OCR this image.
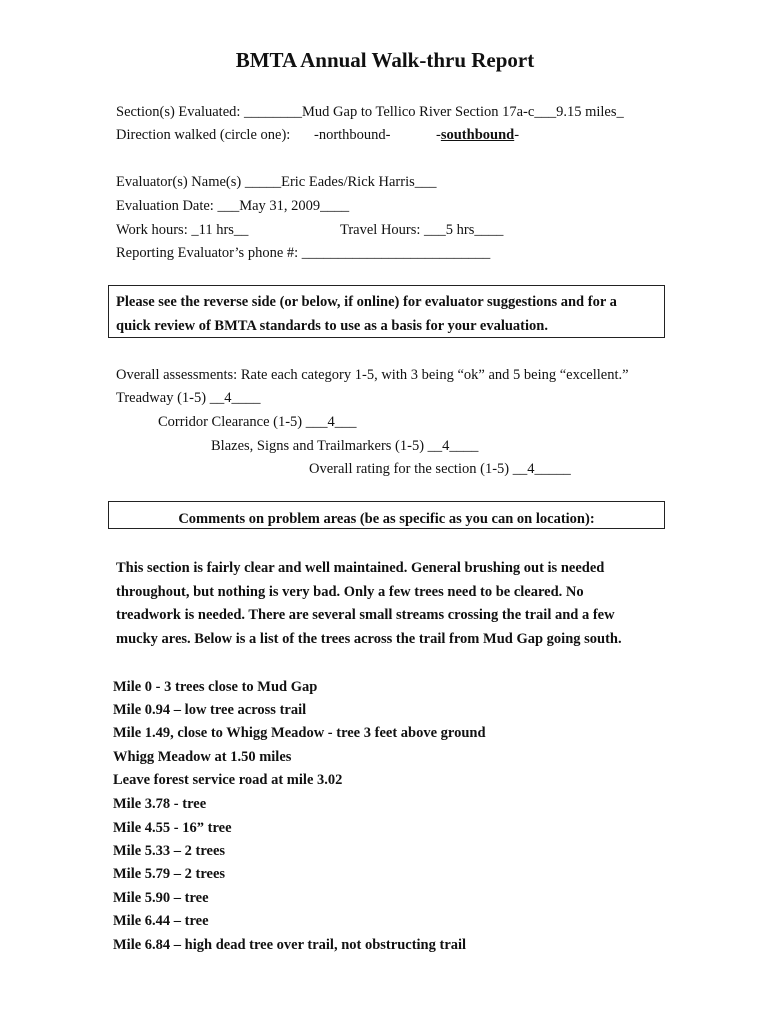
BMTA Annual Walk-thru Report
Section(s) Evaluated: ________Mud Gap to Tellico River Section 17a-c___9.15 miles_
Direction walked (circle one): -northbound-	-southbound-
Evaluator(s) Name(s) _____Eric Eades/Rick Harris___
Evaluation Date: ___May 31, 2009____
Work hours: _11 hrs__	Travel Hours: ___5 hrs____
Reporting Evaluator’s phone #: __________________________
Please see the reverse side (or below, if online) for evaluator suggestions and for a
quick review of BMTA standards to use as a basis for your evaluation.
Overall assessments: Rate each category 1-5, with 3 being “ok” and 5 being “excellent.”
Treadway (1-5) __4____
Corridor Clearance (1-5) ___4___
Blazes, Signs and Trailmarkers (1-5) __4____
Overall rating for the section (1-5) __4_____
Comments on problem areas (be as specific as you can on location):
This section is fairly clear and well maintained. General brushing out is needed
throughout, but nothing is very bad. Only a few trees need to be cleared. No
treadwork is needed. There are several small streams crossing the trail and a few
mucky ares. Below is a list of the trees across the trail from Mud Gap going south.
Mile 0 - 3 trees close to Mud Gap
Mile 0.94 – low tree across trail
Mile 1.49, close to Whigg Meadow - tree 3 feet above ground
Whigg Meadow at 1.50 miles
Leave forest service road at mile 3.02
Mile 3.78 - tree
Mile 4.55 - 16” tree
Mile 5.33 – 2 trees
Mile 5.79 – 2 trees
Mile 5.90 – tree
Mile 6.44 – tree
Mile 6.84 – high dead tree over trail, not obstructing trail
